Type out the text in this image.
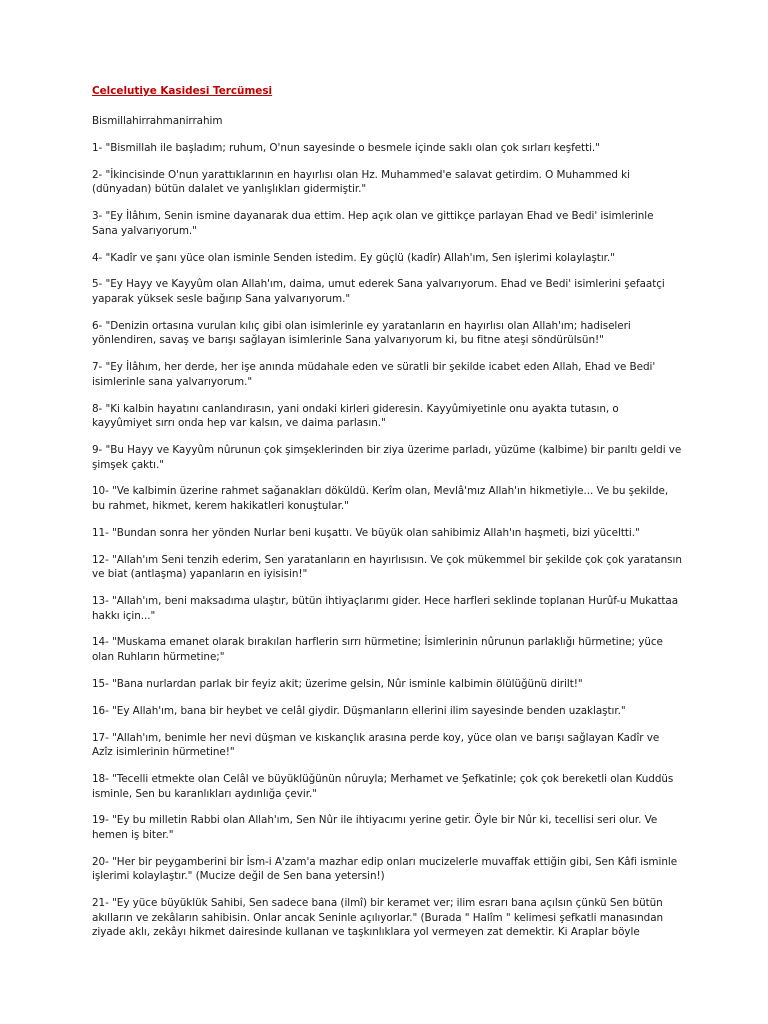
Celcelutiye Kasidesi Tercümesi
Bismillahirrahmanirrahim
1- "Bismillah ile başladım; ruhum, O'nun sayesinde o besmele içinde saklı olan çok sırları keşfetti."
2- "İkincisinde O'nun yarattıklarının en hayırlısı olan Hz. Muhammed'e salavat getirdim. O Muhammed ki (dünyadan) bütün dalalet ve yanlışlıkları gidermiştir."
3- "Ey İlâhım, Senin ismine dayanarak dua ettim. Hep açık olan ve gittikçe parlayan Ehad ve Bedi' isimlerinle Sana yalvarıyorum."
4- "Kadîr ve şanı yüce olan isminle Senden istedim. Ey güçlü (kadîr) Allah'ım, Sen işlerimi kolaylaştır."
5- "Ey Hayy ve Kayyûm olan Allah'ım, daima, umut ederek Sana yalvarıyorum. Ehad ve Bedi' isimlerini şefaatçi yaparak yüksek sesle bağırıp Sana yalvarıyorum."
6- "Denizin ortasına vurulan kılıç gibi olan isimlerinle ey yaratanların en hayırlısı olan Allah'ım; hadiseleri yönlendiren, savaş ve barışı sağlayan isimlerinle Sana yalvarıyorum ki, bu fitne ateşi söndürülsün!"
7- "Ey İlâhım, her derde, her işe anında müdahale eden ve süratli bir şekilde icabet eden Allah, Ehad ve Bedi' isimlerinle sana yalvarıyorum."
8- "Ki kalbin hayatını canlandırasın, yani ondaki kirleri gideresin. Kayyûmiyetinle onu ayakta tutasın, o kayyûmiyet sırrı onda hep var kalsın, ve daima parlasın."
9- "Bu Hayy ve Kayyûm nûrunun çok şimşeklerinden bir ziya üzerime parladı, yüzüme (kalbime) bir parıltı geldi ve şimşek çaktı."
10- "Ve kalbimin üzerine rahmet sağanakları döküldü. Kerîm olan, Mevlâ'mız Allah'ın hikmetiyle... Ve bu şekilde, bu rahmet, hikmet, kerem hakikatleri konuştular."
11- "Bundan sonra her yönden Nurlar beni kuşattı. Ve büyük olan sahibimiz Allah'ın haşmeti, bizi yüceltti."
12- "Allah'ım Seni tenzih ederim, Sen yaratanların en hayırlısısın. Ve çok mükemmel bir şekilde çok çok yaratansın ve biat (antlaşma) yapanların en iyisisin!"
13- "Allah'ım, beni maksadıma ulaştır, bütün ihtiyaçlarımı gider. Hece harfleri seklinde toplanan Hurûf-u Mukattaa hakkı için..."
14- "Muskama emanet olarak bırakılan harflerin sırrı hürmetine; İsimlerinin nûrunun parlaklığı hürmetine; yüce olan Ruhların hürmetine;"
15- "Bana nurlardan parlak bir feyiz akit; üzerime gelsin, Nûr isminle kalbimin ölülüğünü dirilt!"
16- "Ey Allah'ım, bana bir heybet ve celâl giydir. Düşmanların ellerini ilim sayesinde benden uzaklaştır."
17- "Allah'ım, benimle her nevi düşman ve kıskançlık arasına perde koy, yüce olan ve barışı sağlayan Kadîr ve Azîz isimlerinin hürmetine!"
18- "Tecelli etmekte olan Celâl ve büyüklüğünün nûruyla; Merhamet ve Şefkatinle; çok çok bereketli olan Kuddüs isminle, Sen bu karanlıkları aydınlığa çevir."
19- "Ey bu milletin Rabbi olan Allah'ım, Sen Nûr ile ihtiyacımı yerine getir. Öyle bir Nûr ki, tecellisi seri olur. Ve hemen iş biter."
20- "Her bir peygamberini bir İsm-i A'zam'a mazhar edip onları mucizelerle muvaffak ettiğin gibi, Sen Kâfi isminle işlerimi kolaylaştır." (Mucize değil de Sen bana yetersin!)
21- "Ey yüce büyüklük Sahibi, Sen sadece bana (ilmî) bir keramet ver; ilim esrarı bana açılsın çünkü Sen bütün akılların ve zekâların sahibisin. Onlar ancak Seninle açılıyorlar." (Burada " Halîm " kelimesi şefkatli manasından ziyade aklı, zekâyı hikmet dairesinde kullanan ve taşkınlıklara yol vermeyen zat demektir. Ki Araplar böyle
